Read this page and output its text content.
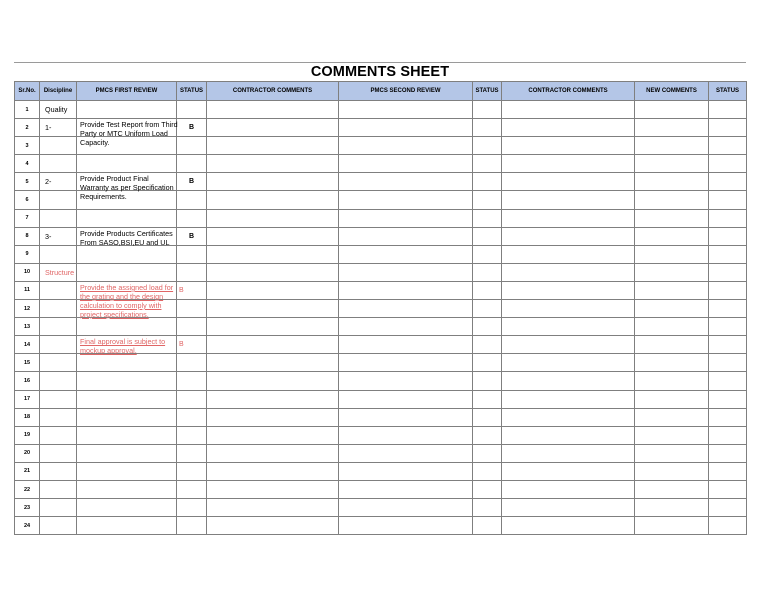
COMMENTS SHEET
Sr.No.	Discipline	PMCS FIRST REVIEW	STATUS	CONTRACTOR COMMENTS	PMCS SECOND REVIEW	STATUS	CONTRACTOR COMMENTS	NEW COMMENTS	STATUS
1	Quality								

2	1-	Provide Test Report from Third Party or MTC Uniform Load Capacity.	B						

3	

4	

5	2-	Provide Product Final Warranty as per Specification Requirements.	B						

6	

7	

8	3-	Provide Products Certificates From SASO,BSI,EU and UL	B						

9	

10	Structure								

11		Provide the assigned load for the grating and the design calculation to comply with project specifications.	B						

12	

13	

14		Final approval is subject to mockup approval.	B						

15	

16	

17	

18	

19	

20	

21	

22	

23	

24	
